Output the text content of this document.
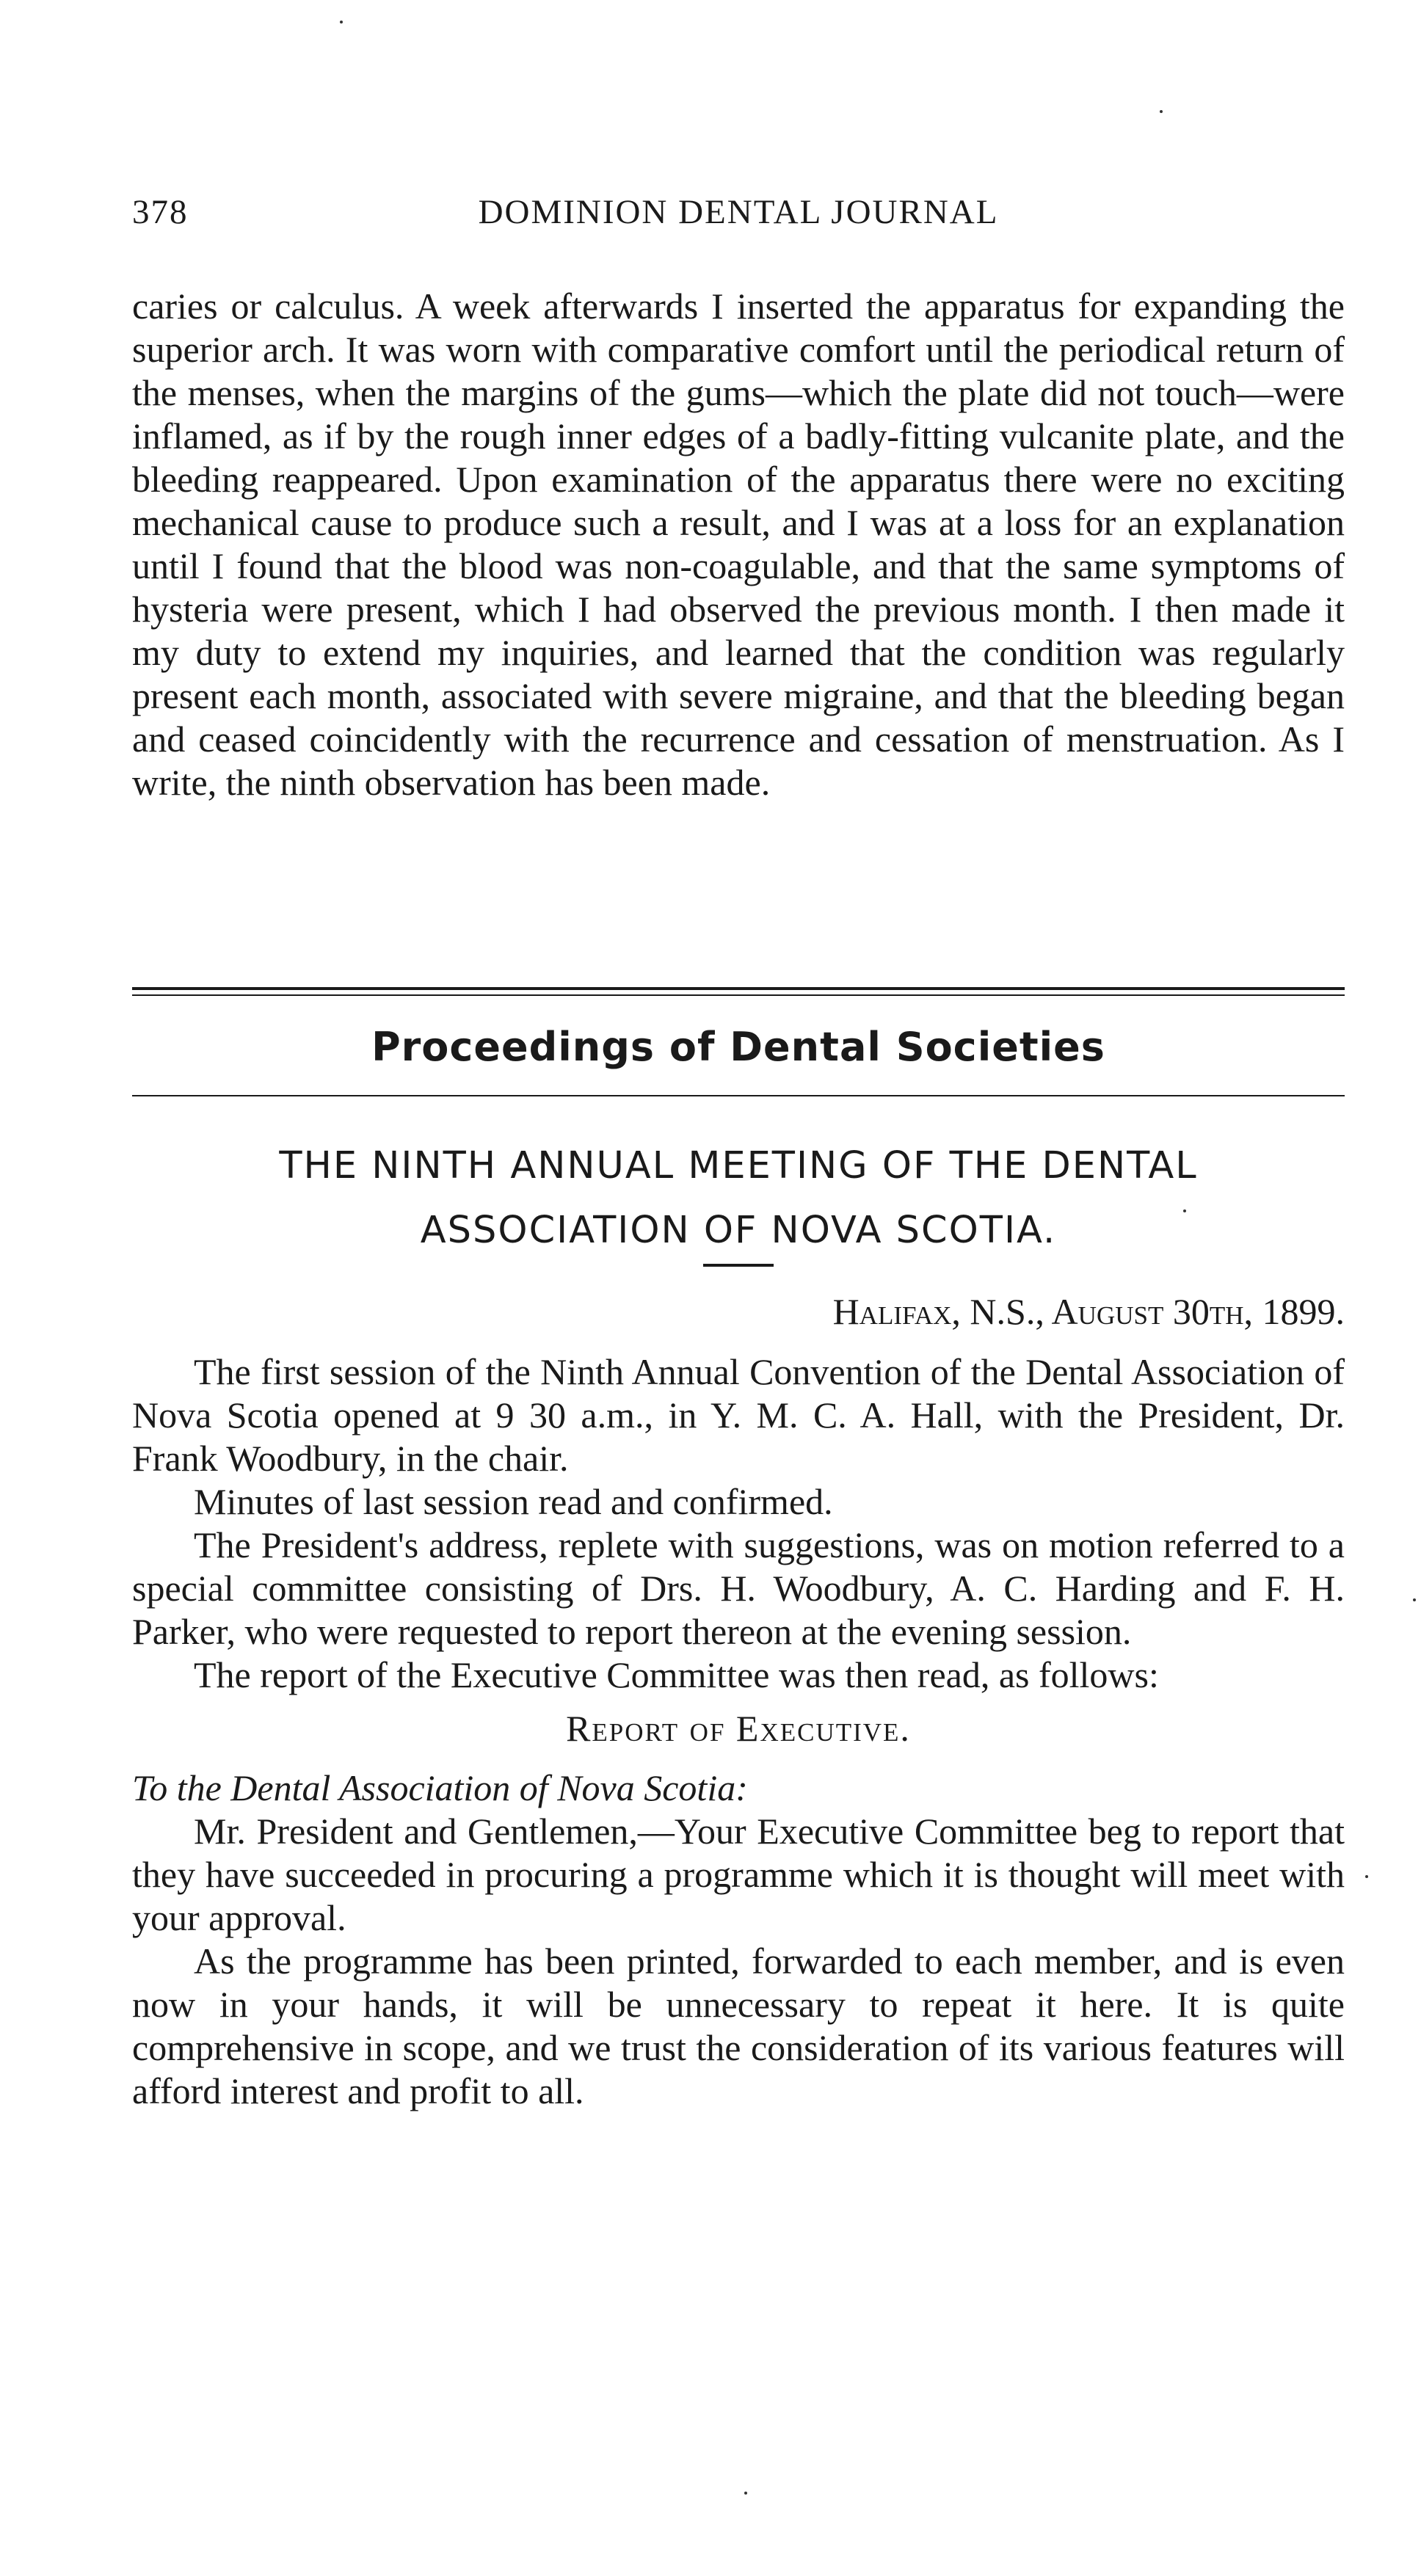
378	DOMINION DENTAL JOURNAL

caries or calculus. A week afterwards I inserted the apparatus for expanding the superior arch. It was worn with comparative comfort until the periodical return of the menses, when the margins of the gums—which the plate did not touch—were inflamed, as if by the rough inner edges of a badly-fitting vulcanite plate, and the bleeding reappeared. Upon examination of the apparatus there were no exciting mechanical cause to produce such a result, and I was at a loss for an explanation until I found that the blood was non-coagulable, and that the same symptoms of hysteria were present, which I had observed the previous month. I then made it my duty to extend my inquiries, and learned that the condition was regularly present each month, associated with severe migraine, and that the bleeding began and ceased coincidently with the recurrence and cessation of menstruation. As I write, the ninth observation has been made.

Proceedings of Dental Societies
THE NINTH ANNUAL MEETING OF THE DENTAL
ASSOCIATION OF NOVA SCOTIA.
Halifax, N.S., August 30th, 1899.

The first session of the Ninth Annual Convention of the Dental Association of Nova Scotia opened at 9 30 a.m., in Y. M. C. A. Hall, with the President, Dr. Frank Woodbury, in the chair.

Minutes of last session read and confirmed.

The President's address, replete with suggestions, was on motion referred to a special committee consisting of Drs. H. Woodbury, A. C. Harding and F. H. Parker, who were requested to report thereon at the evening session.

The report of the Executive Committee was then read, as follows:

Report of Executive.

To the Dental Association of Nova Scotia:

Mr. President and Gentlemen,—Your Executive Committee beg to report that they have succeeded in procuring a programme which it is thought will meet with your approval.

As the programme has been printed, forwarded to each member, and is even now in your hands, it will be unnecessary to repeat it here. It is quite comprehensive in scope, and we trust the consideration of its various features will afford interest and profit to all.
